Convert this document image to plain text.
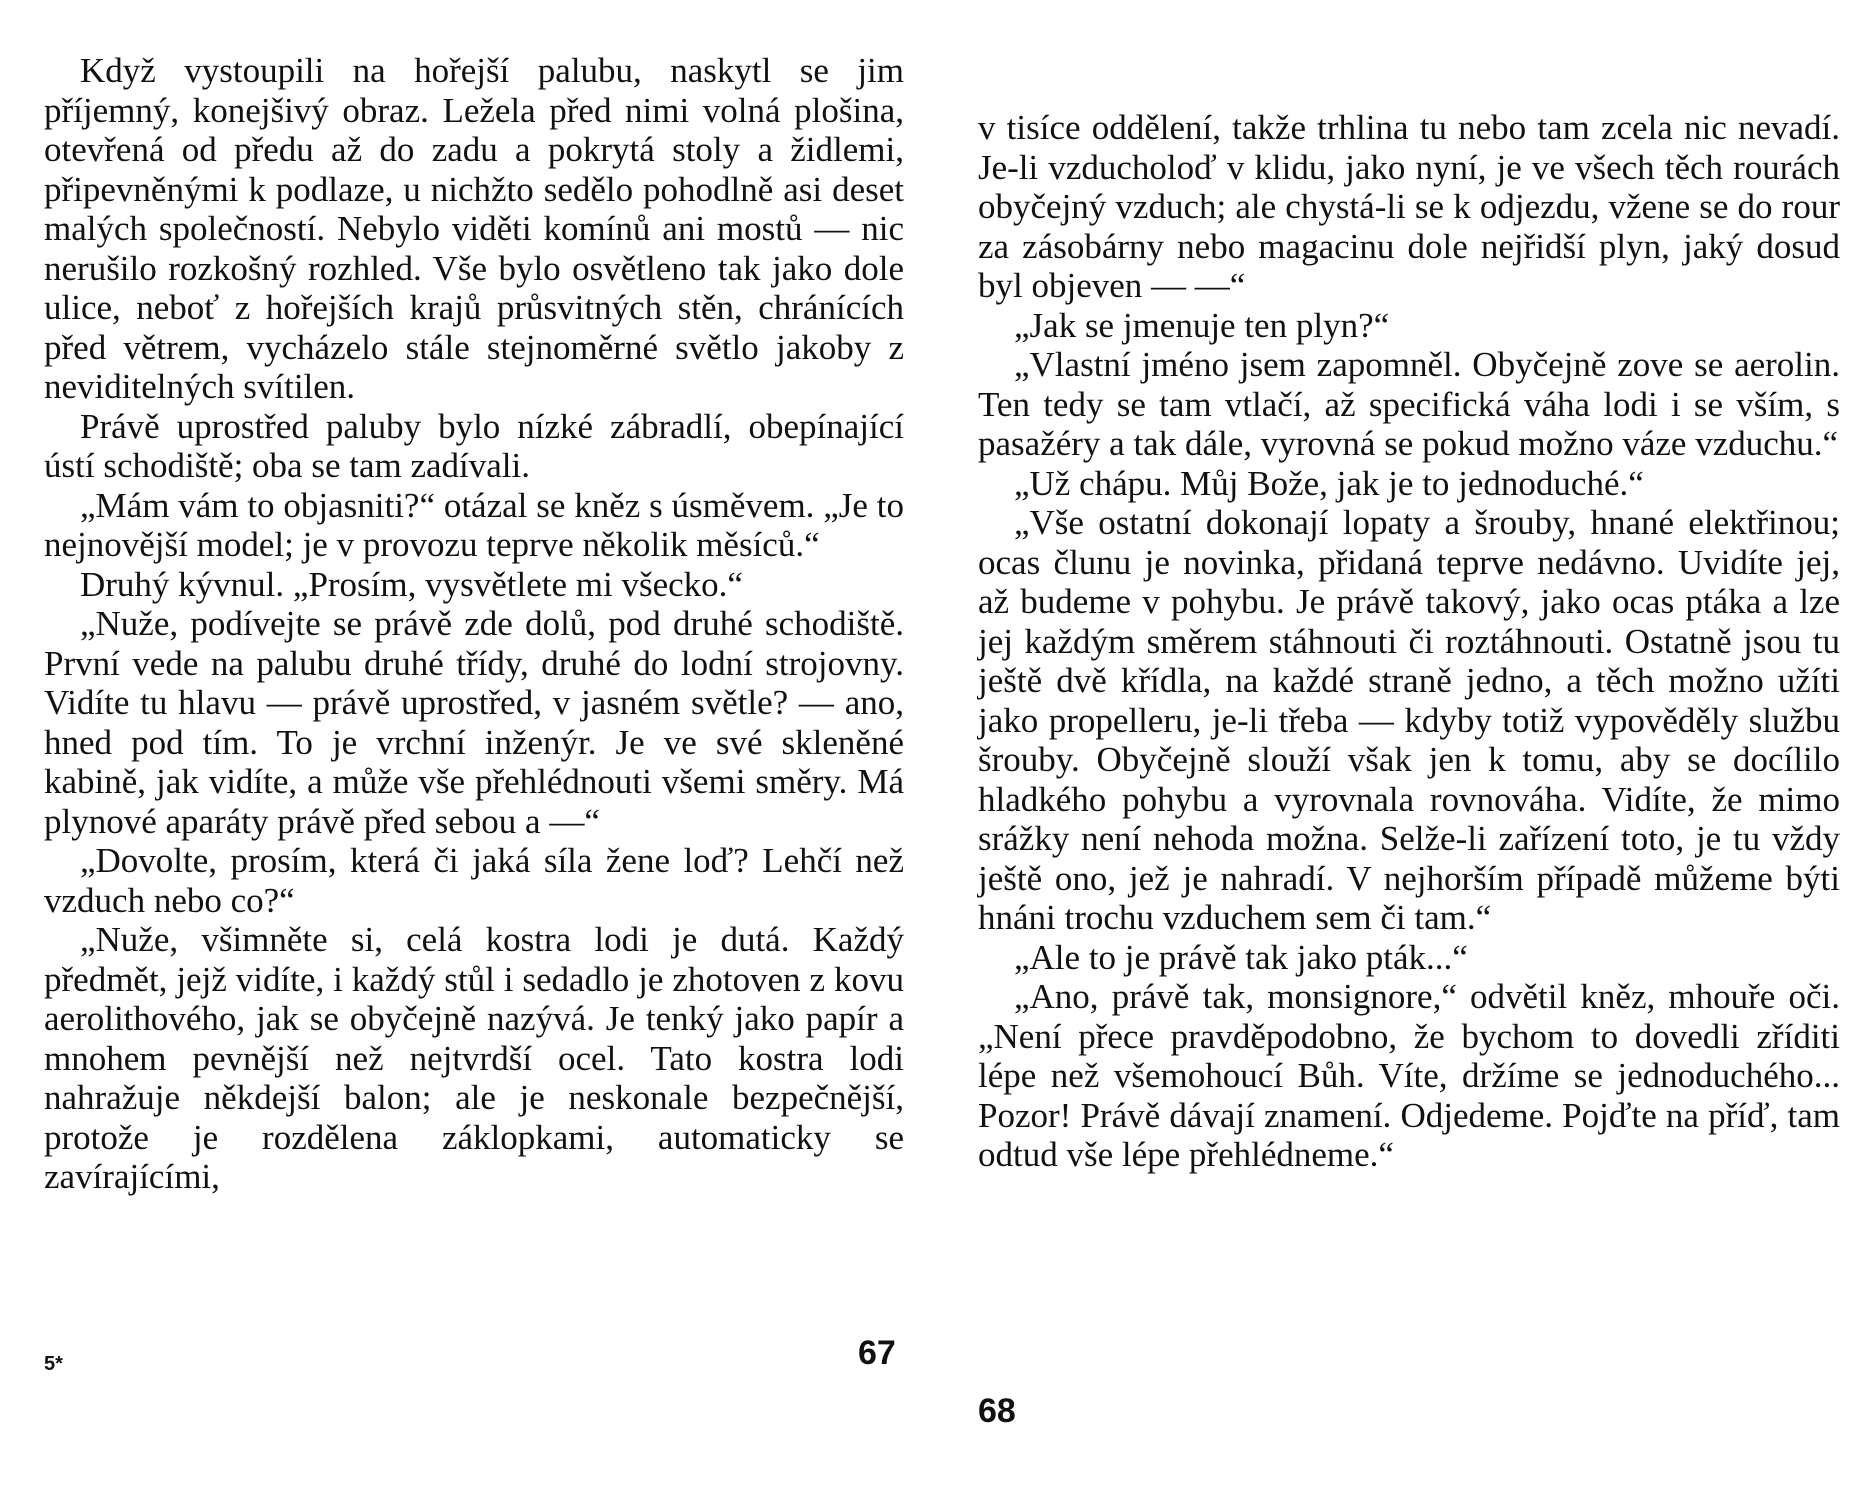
Když vystoupili na hořejší palubu, naskytl se jim příjemný, konejšivý obraz. Ležela před nimi volná plošina, otevřená od předu až do zadu a pokrytá stoly a židlemi, připevněnými k podlaze, u nichžto sedělo pohodlně asi deset malých společností. Nebylo viděti komínů ani mostů — nic nerušilo rozkošný rozhled. Vše bylo osvětleno tak jako dole ulice, neboť z hořejších krajů průsvitných stěn, chránících před větrem, vycházelo stále stejnoměrné světlo jakoby z neviditelných svítilen.

Právě uprostřed paluby bylo nízké zábradlí, obepínající ústí schodiště; oba se tam zadívali.

„Mám vám to objasniti?“ otázal se kněz s úsměvem. „Je to nejnovější model; je v provozu teprve několik měsíců.“

Druhý kývnul. „Prosím, vysvětlete mi všecko.“

„Nuže, podívejte se právě zde dolů, pod druhé schodiště. První vede na palubu druhé třídy, druhé do lodní strojovny. Vidíte tu hlavu — právě uprostřed, v jasném světle? — ano, hned pod tím. To je vrchní inženýr. Je ve své skleněné kabině, jak vidíte, a může vše přehlédnouti všemi směry. Má plynové aparáty právě před sebou a —“

„Dovolte, prosím, která či jaká síla žene loď? Lehčí než vzduch nebo co?“

„Nuže, všimněte si, celá kostra lodi je dutá. Každý předmět, jejž vidíte, i každý stůl i sedadlo je zhotoven z kovu aerolithového, jak se obyčejně nazývá. Je tenký jako papír a mnohem pevnější než nejtvrdší ocel. Tato kostra lodi nahražuje někdejší balon; ale je neskonale bezpečnější, protože je rozdělena záklopkami, automaticky se zavírajícími,

5*	67

v tisíce oddělení, takže trhlina tu nebo tam zcela nic nevadí. Je-li vzducholoď v klidu, jako nyní, je ve všech těch rourách obyčejný vzduch; ale chystá-li se k odjezdu, vžene se do rour za zásobárny nebo magacinu dole nejřidší plyn, jaký dosud byl objeven — —“

„Jak se jmenuje ten plyn?“

„Vlastní jméno jsem zapomněl. Obyčejně zove se aerolin. Ten tedy se tam vtlačí, až specifická váha lodi i se vším, s pasažéry a tak dále, vyrovná se pokud možno váze vzduchu.“

„Už chápu. Můj Bože, jak je to jednoduché.“

„Vše ostatní dokonají lopaty a šrouby, hnané elektřinou; ocas člunu je novinka, přidaná teprve nedávno. Uvidíte jej, až budeme v pohybu. Je právě takový, jako ocas ptáka a lze jej každým směrem stáhnouti či roztáhnouti. Ostatně jsou tu ještě dvě křídla, na každé straně jedno, a těch možno užíti jako propelleru, je-li třeba — kdyby totiž vypověděly službu šrouby. Obyčejně slouží však jen k tomu, aby se docílilo hladkého pohybu a vyrovnala rovnováha. Vidíte, že mimo srážky není nehoda možna. Selže-li zařízení toto, je tu vždy ještě ono, jež je nahradí. V nejhorším případě můžeme býti hnáni trochu vzduchem sem či tam.“

„Ale to je právě tak jako pták...“

„Ano, právě tak, monsignore,“ odvětil kněz, mhouře oči. „Není přece pravděpodobno, že bychom to dovedli zříditi lépe než všemohoucí Bůh. Víte, držíme se jednoduchého... Pozor! Právě dávají znamení. Odjedeme. Pojďte na příď, tam odtud vše lépe přehlédneme.“

68
